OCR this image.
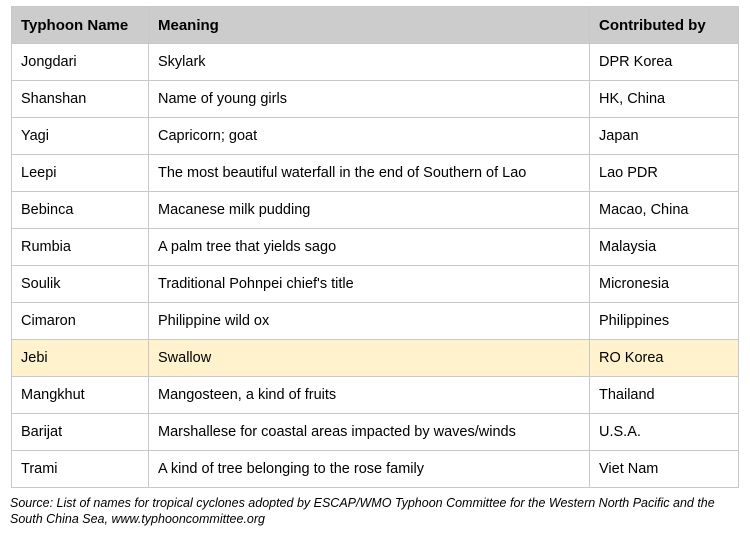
Typhoon Name	Meaning	Contributed by
Jongdari	Skylark	DPR Korea
Shanshan	Name of young girls	HK, China
Yagi	Capricorn; goat	Japan
Leepi	The most beautiful waterfall in the end of Southern of Lao	Lao PDR
Bebinca	Macanese milk pudding	Macao, China
Rumbia	A palm tree that yields sago	Malaysia
Soulik	Traditional Pohnpei chief's title	Micronesia
Cimaron	Philippine wild ox	Philippines
Jebi	Swallow	RO Korea
Mangkhut	Mangosteen, a kind of fruits	Thailand
Barijat	Marshallese for coastal areas impacted by waves/winds	U.S.A.
Trami	A kind of tree belonging to the rose family	Viet Nam
Source: List of names for tropical cyclones adopted by ESCAP/WMO Typhoon Committee for the Western North Pacific and the South China Sea, www.typhooncommittee.org
